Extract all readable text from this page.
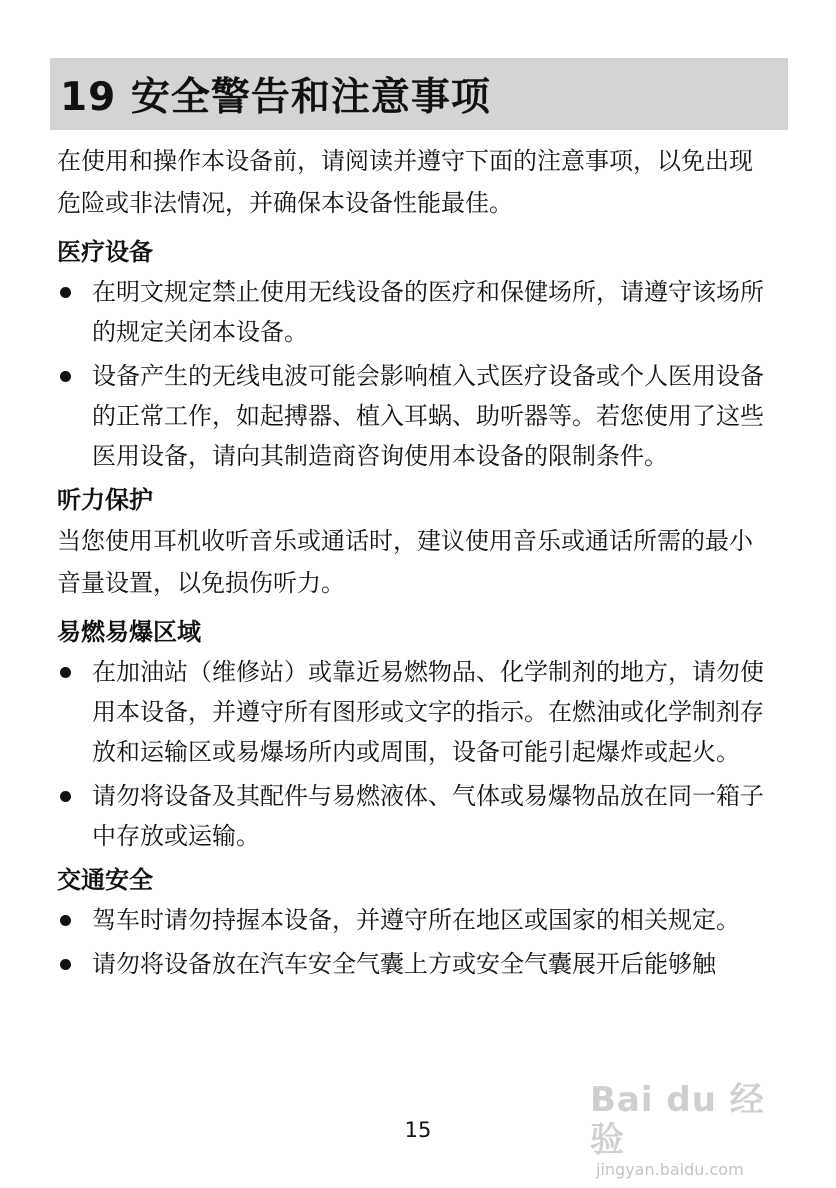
19 安全警告和注意事项

在使用和操作本设备前，请阅读并遵守下面的注意事项，以免出现危险或非法情况，并确保本设备性能最佳。

医疗设备

在明文规定禁止使用无线设备的医疗和保健场所，请遵守该场所的规定关闭本设备。
设备产生的无线电波可能会影响植入式医疗设备或个人医用设备的正常工作，如起搏器、植入耳蜗、助听器等。若您使用了这些医用设备，请向其制造商咨询使用本设备的限制条件。

听力保护

当您使用耳机收听音乐或通话时，建议使用音乐或通话所需的最小音量设置，以免损伤听力。

易燃易爆区域

在加油站（维修站）或靠近易燃物品、化学制剂的地方，请勿使用本设备，并遵守所有图形或文字的指示。在燃油或化学制剂存放和运输区或易爆场所内或周围，设备可能引起爆炸或起火。
请勿将设备及其配件与易燃液体、气体或易爆物品放在同一箱子中存放或运输。

交通安全

驾车时请勿持握本设备，并遵守所在地区或国家的相关规定。
请勿将设备放在汽车安全气囊上方或安全气囊展开后能够触
15
Bai du 经验
jingyan.baidu.com
